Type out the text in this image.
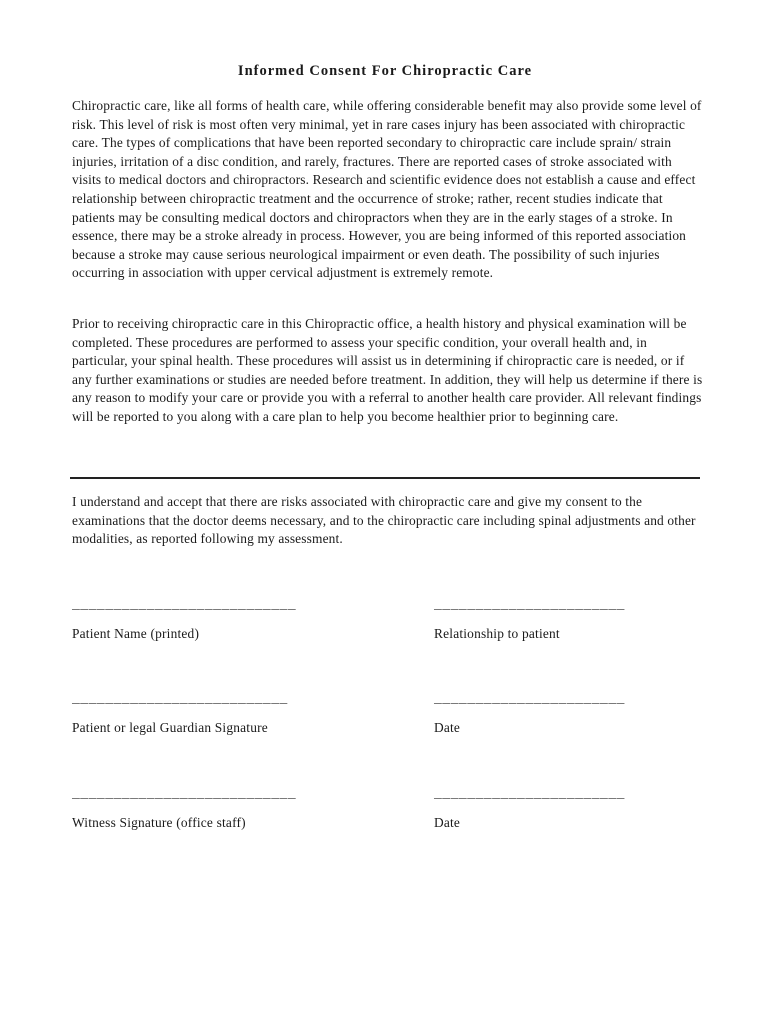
Informed Consent For Chiropractic Care

Chiropractic care, like all forms of health care, while offering considerable benefit may also provide some level of risk. This level of risk is most often very minimal, yet in rare cases injury has been associated with chiropractic care. The types of complications that have been reported secondary to chiropractic care include sprain/ strain injuries, irritation of a disc condition, and rarely, fractures. There are reported cases of stroke associated with visits to medical doctors and chiropractors. Research and scientific evidence does not establish a cause and effect relationship between chiropractic treatment and the occurrence of stroke; rather, recent studies indicate that patients may be consulting medical doctors and chiropractors when they are in the early stages of a stroke. In essence, there may be a stroke already in process. However, you are being informed of this reported association because a stroke may cause serious neurological impairment or even death. The possibility of such injuries occurring in association with upper cervical adjustment is extremely remote.

Prior to receiving chiropractic care in this Chiropractic office, a health history and physical examination will be completed. These procedures are performed to assess your specific condition, your overall health and, in particular, your spinal health. These procedures will assist us in determining if chiropractic care is needed, or if any further examinations or studies are needed before treatment. In addition, they will help us determine if there is any reason to modify your care or provide you with a referral to another health care provider. All relevant findings will be reported to you along with a care plan to help you become healthier prior to beginning care.

I understand and accept that there are risks associated with chiropractic care and give my consent to the examinations that the doctor deems necessary, and to the chiropractic care including spinal adjustments and other modalities, as reported following my assessment.

___________________________
Patient Name (printed)
_______________________
Relationship to patient
__________________________
Patient or legal Guardian Signature
_______________________
Date
___________________________
Witness Signature (office staff)
_______________________
Date
